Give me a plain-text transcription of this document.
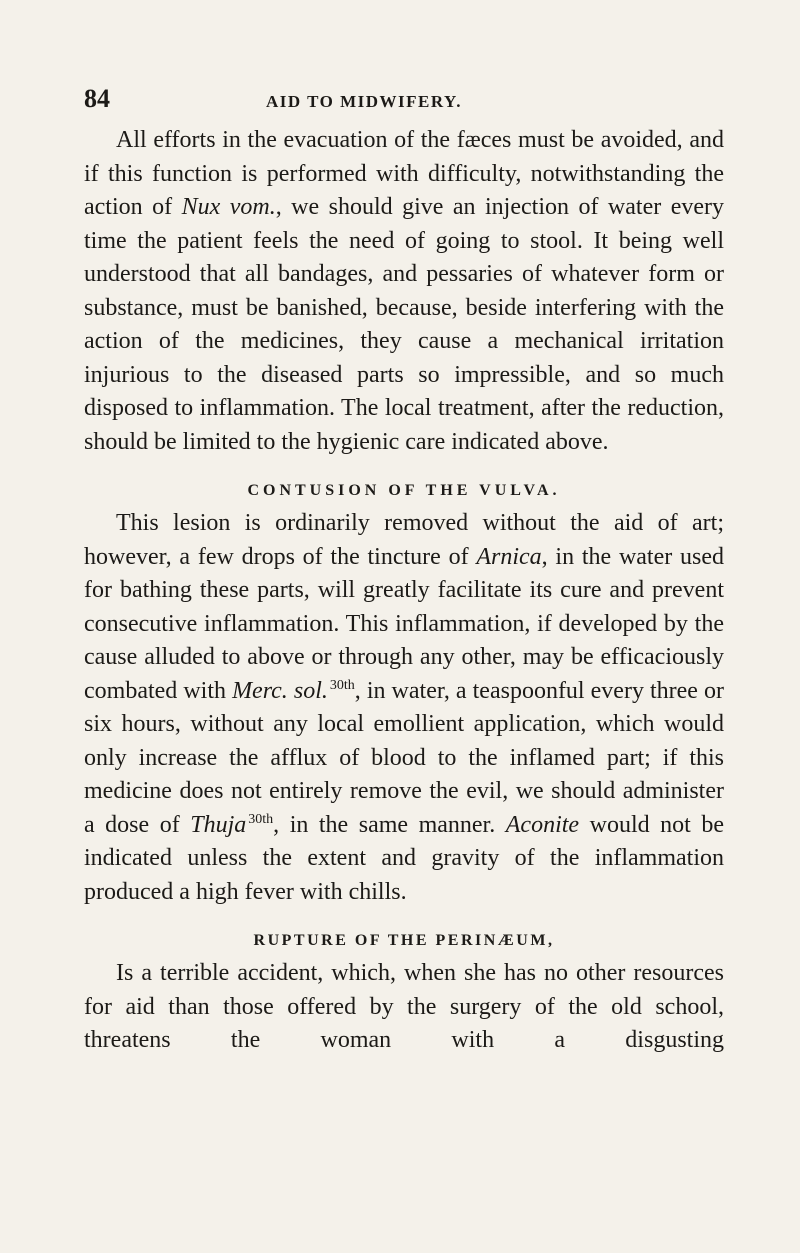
84	AID TO MIDWIFERY.

All efforts in the evacuation of the fæces must be avoided, and if this function is performed with difficulty, notwithstanding the action of Nux vom., we should give an injection of water every time the patient feels the need of going to stool. It being well understood that all bandages, and pessaries of whatever form or substance, must be banished, because, beside interfering with the action of the medicines, they cause a mechanical irritation injurious to the diseased parts so impressible, and so much disposed to inflammation. The local treatment, after the reduction, should be limited to the hygienic care indicated above.

CONTUSION OF THE VULVA.

This lesion is ordinarily removed without the aid of art; however, a few drops of the tincture of Arnica, in the water used for bathing these parts, will greatly facilitate its cure and prevent consecutive inflammation. This inflammation, if developed by the cause alluded to above or through any other, may be efficaciously combated with Merc. sol.  $^{30th}$, in water, a teaspoonful every three or six hours, without any local emollient application, which would only increase the afflux of blood to the inflamed part; if this medicine does not entirely remove the evil, we should administer a dose of Thuja  $^{30th}$, in the same manner. Aconite would not be indicated unless the extent and gravity of the inflammation produced a high fever with chills.

RUPTURE OF THE PERINÆUM,

Is a terrible accident, which, when she has no other resources for aid than those offered by the surgery of the old school, threatens the woman with a disgusting
